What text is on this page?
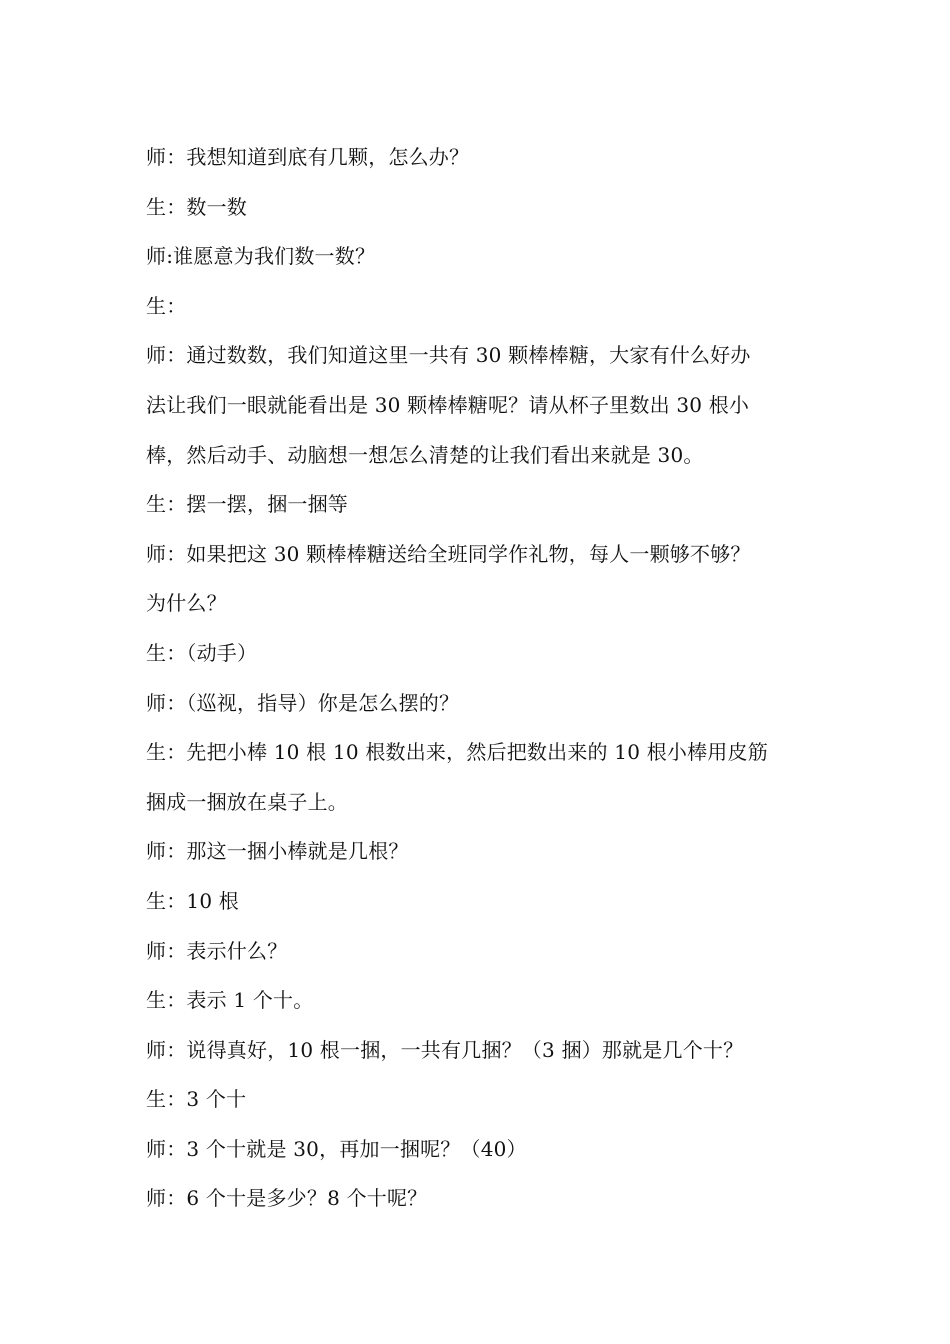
师：我想知道到底有几颗，怎么办？
生：数一数
师:谁愿意为我们数一数？
生：
师：通过数数，我们知道这里一共有 30 颗棒棒糖，大家有什么好办
法让我们一眼就能看出是 30 颗棒棒糖呢？请从杯子里数出 30 根小
棒，然后动手、动脑想一想怎么清楚的让我们看出来就是 30。
生：摆一摆，捆一捆等
师：如果把这 30 颗棒棒糖送给全班同学作礼物，每人一颗够不够？
为什么？
生：（动手）
师：（巡视，指导）你是怎么摆的？
生：先把小棒 10 根 10 根数出来，然后把数出来的 10 根小棒用皮筋
捆成一捆放在桌子上。
师：那这一捆小棒就是几根？
生：10 根
师：表示什么？
生：表示 1 个十。
师：说得真好，10 根一捆，一共有几捆？（3 捆）那就是几个十？
生：3 个十
师：3 个十就是 30，再加一捆呢？（40）
师：6 个十是多少？8 个十呢？
